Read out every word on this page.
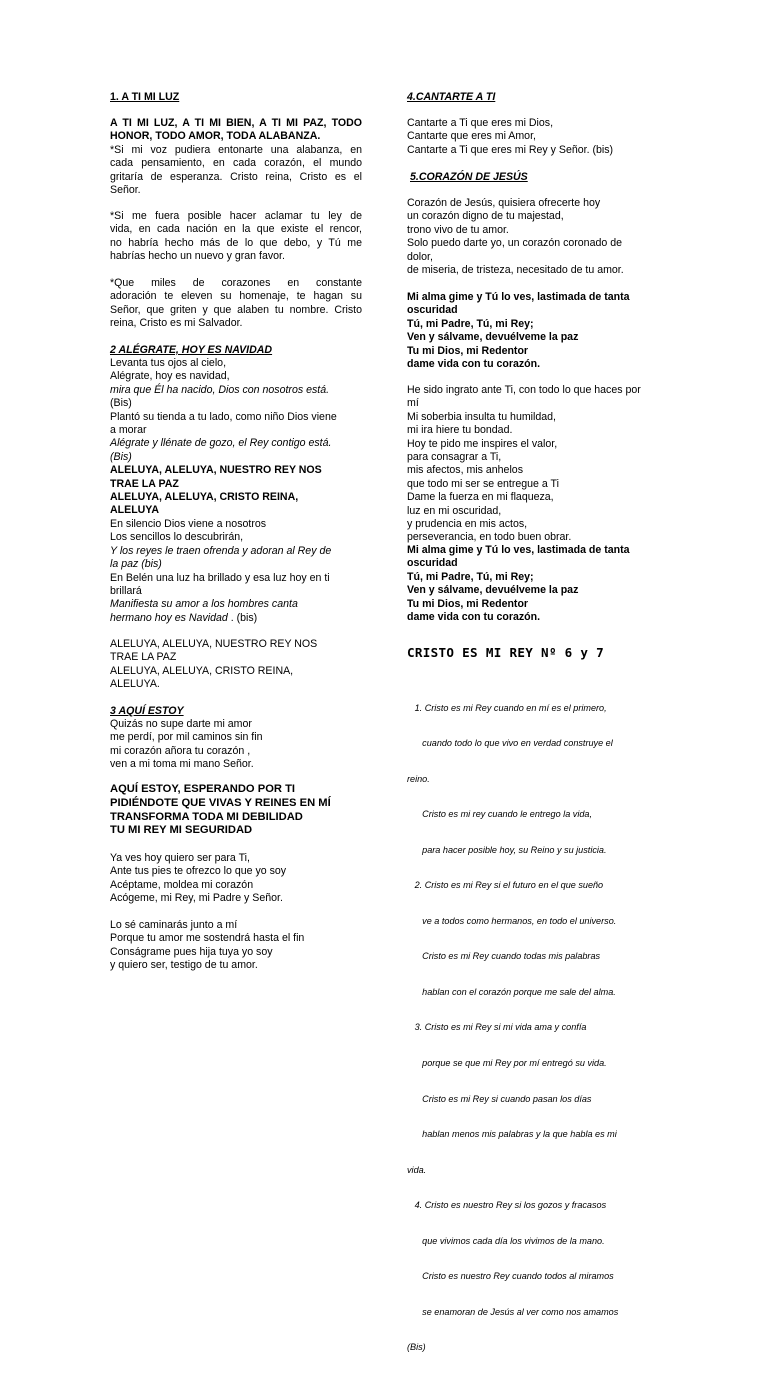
1. A TI MI LUZ
A TI MI LUZ, A TI MI BIEN, A TI MI PAZ, TODO
HONOR, TODO AMOR, TODA ALABANZA.
*Si mi voz pudiera entonarte una alabanza, en
cada pensamiento, en cada corazón, el mundo
gritaría de esperanza. Cristo reina, Cristo es el
Señor.
*Si me fuera posible hacer aclamar tu ley de
vida, en cada nación en la que existe el rencor,
no habría hecho más de lo que debo, y Tú me
habrías hecho un nuevo y gran favor.
*Que miles de corazones en constante
adoración te eleven su homenaje, te hagan su
Señor, que griten y que alaben tu nombre. Cristo
reina, Cristo es mi Salvador.
2 ALÉGRATE, HOY ES NAVIDAD
Levanta tus ojos al cielo,
Alégrate, hoy es navidad,
mira que Él ha nacido, Dios con nosotros está.
(Bis)
Plantó su tienda a tu lado, como niño Dios viene
a morar
Alégrate y llénate de gozo, el Rey contigo está.
(Bis)
ALELUYA, ALELUYA, NUESTRO REY NOS
TRAE LA PAZ
ALELUYA, ALELUYA, CRISTO REINA,
ALELUYA
En silencio Dios viene a nosotros
Los sencillos lo descubrirán,
Y los reyes le traen ofrenda y adoran al Rey de
la paz (bis)
En Belén una luz ha brillado y esa luz hoy en ti
brillará
Manifiesta su amor a los hombres canta
hermano hoy es Navidad . (bis)
ALELUYA, ALELUYA, NUESTRO REY NOS
TRAE LA PAZ
ALELUYA, ALELUYA, CRISTO REINA,
ALELUYA.
3 AQUÍ ESTOY
Quizás no supe darte mi amor
me perdí, por mil caminos sin fin
mi corazón añora tu corazón ,
ven a mi toma mi mano Señor.
AQUÍ ESTOY, ESPERANDO POR TI
PIDIÉNDOTE QUE VIVAS Y REINES EN MÍ
TRANSFORMA TODA MI DEBILIDAD
TU MI REY MI SEGURIDAD
Ya ves hoy quiero ser para Ti,
Ante tus pies te ofrezco lo que yo soy
Acéptame, moldea mi corazón
Acógeme, mi Rey, mi Padre y Señor.
Lo sé caminarás junto a mí
Porque tu amor me sostendrá hasta el fin
Conságrame pues hija tuya yo soy
y quiero ser, testigo de tu amor.
4.CANTARTE A TI
Cantarte a Ti que eres mi Dios,
Cantarte que eres mi Amor,
Cantarte a Ti que eres mi Rey y Señor. (bis)
5.CORAZÓN DE JESÚS
Corazón de Jesús, quisiera ofrecerte hoy
un corazón digno de tu majestad,
trono vivo de tu amor.
Solo puedo darte yo, un corazón coronado de
dolor,
de miseria, de tristeza, necesitado de tu amor.
Mi alma gime y Tú lo ves, lastimada de tanta
oscuridad
Tú, mi Padre, Tú, mi Rey;
Ven y sálvame, devuélveme la paz
Tu mi Dios, mi Redentor
dame vida con tu corazón.
He sido ingrato ante Ti, con todo lo que haces por
mí
Mi soberbia insulta tu humildad,
mi ira hiere tu bondad.
Hoy te pido me inspires el valor,
para consagrar a Ti,
mis afectos, mis anhelos
que todo mi ser se entregue a Ti
Dame la fuerza en mi flaqueza,
luz en mi oscuridad,
y prudencia en mis actos,
perseverancia, en todo buen obrar.
Mi alma gime y Tú lo ves, lastimada de tanta
oscuridad
Tú, mi Padre, Tú, mi Rey;
Ven y sálvame, devuélveme la paz
Tu mi Dios, mi Redentor
dame vida con tu corazón.
CRISTO ES MI REY Nº 6 y 7

1. Cristo es mi Rey cuando en mí es el primero,

cuando todo lo que vivo en verdad construye el

reino.

Cristo es mi rey cuando le entrego la vida,

para hacer posible hoy, su Reino y su justicia.

2. Cristo es mi Rey si el futuro en el que sueño

ve a todos como hermanos, en todo el universo.

Cristo es mi Rey cuando todas mis palabras

hablan con el corazón porque me sale del alma.

3. Cristo es mi Rey si mi vida ama y confía

porque se que mi Rey por mí entregó su vida.

Cristo es mi Rey si cuando pasan los días

hablan menos mis palabras y la que habla es mi

vida.

4. Cristo es nuestro Rey si los gozos y fracasos

que vivimos cada día los vivimos de la mano.

Cristo es nuestro Rey cuando todos al miramos

se enamoran de Jesús al ver como nos amamos

(Bis)
